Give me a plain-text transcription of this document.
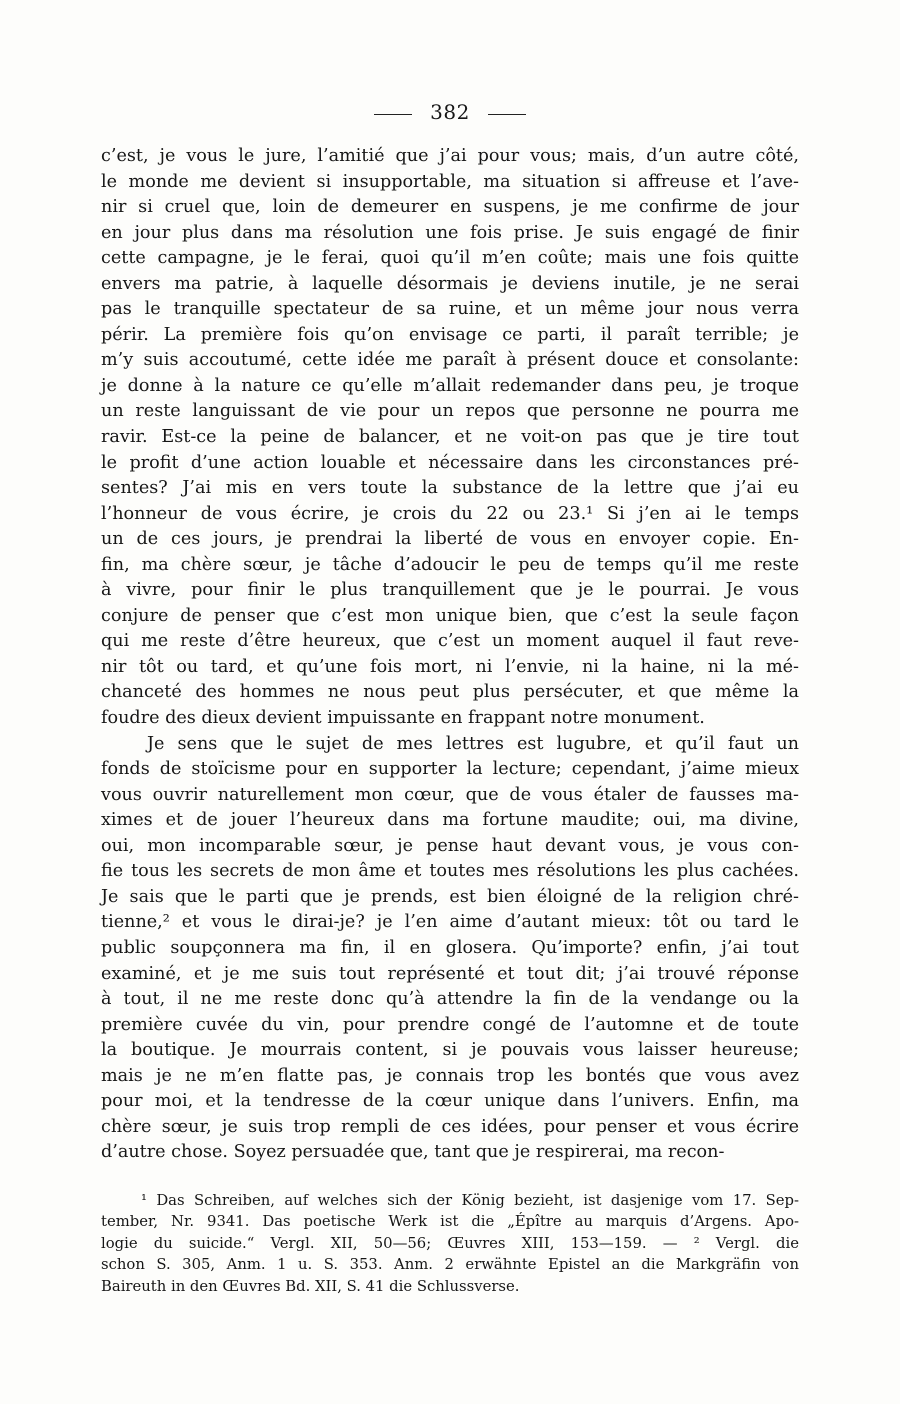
382
c’est, je vous le jure, l’amitié que j’ai pour vous; mais, d’un autre côté,
le monde me devient si insupportable, ma situation si affreuse et l’ave-
nir si cruel que, loin de demeurer en suspens, je me confirme de jour
en jour plus dans ma résolution une fois prise. Je suis engagé de finir
cette campagne, je le ferai, quoi qu’il m’en coûte; mais une fois quitte
envers ma patrie, à laquelle désormais je deviens inutile, je ne serai
pas le tranquille spectateur de sa ruine, et un même jour nous verra
périr. La première fois qu’on envisage ce parti, il paraît terrible; je
m’y suis accoutumé, cette idée me paraît à présent douce et consolante:
je donne à la nature ce qu’elle m’allait redemander dans peu, je troque
un reste languissant de vie pour un repos que personne ne pourra me
ravir. Est-ce la peine de balancer, et ne voit-on pas que je tire tout
le profit d’une action louable et nécessaire dans les circonstances pré-
sentes? J’ai mis en vers toute la substance de la lettre que j’ai eu
l’honneur de vous écrire, je crois du 22 ou 23.¹ Si j’en ai le temps
un de ces jours, je prendrai la liberté de vous en envoyer copie. En-
fin, ma chère sœur, je tâche d’adoucir le peu de temps qu’il me reste
à vivre, pour finir le plus tranquillement que je le pourrai. Je vous
conjure de penser que c’est mon unique bien, que c’est la seule façon
qui me reste d’être heureux, que c’est un moment auquel il faut reve-
nir tôt ou tard, et qu’une fois mort, ni l’envie, ni la haine, ni la mé-
chanceté des hommes ne nous peut plus persécuter, et que même la
foudre des dieux devient impuissante en frappant notre monument.
Je sens que le sujet de mes lettres est lugubre, et qu’il faut un
fonds de stoïcisme pour en supporter la lecture; cependant, j’aime mieux
vous ouvrir naturellement mon cœur, que de vous étaler de fausses ma-
ximes et de jouer l’heureux dans ma fortune maudite; oui, ma divine,
oui, mon incomparable sœur, je pense haut devant vous, je vous con-
fie tous les secrets de mon âme et toutes mes résolutions les plus cachées.
Je sais que le parti que je prends, est bien éloigné de la religion chré-
tienne,² et vous le dirai-je? je l’en aime d’autant mieux: tôt ou tard le
public soupçonnera ma fin, il en glosera. Qu’importe? enfin, j’ai tout
examiné, et je me suis tout représenté et tout dit; j’ai trouvé réponse
à tout, il ne me reste donc qu’à attendre la fin de la vendange ou la
première cuvée du vin, pour prendre congé de l’automne et de toute
la boutique. Je mourrais content, si je pouvais vous laisser heureuse;
mais je ne m’en flatte pas, je connais trop les bontés que vous avez
pour moi, et la tendresse de la cœur unique dans l’univers. Enfin, ma
chère sœur, je suis trop rempli de ces idées, pour penser et vous écrire
d’autre chose. Soyez persuadée que, tant que je respirerai, ma recon-
¹ Das Schreiben, auf welches sich der König bezieht, ist dasjenige vom 17. Sep-
tember, Nr. 9341. Das poetische Werk ist die „Épître au marquis d’Argens. Apo-
logie du suicide.“ Vergl. XII, 50—56; Œuvres XIII, 153—159. — ² Vergl. die
schon S. 305, Anm. 1 u. S. 353. Anm. 2 erwähnte Epistel an die Markgräfin von
Baireuth in den Œuvres Bd. XII, S. 41 die Schlussverse.
